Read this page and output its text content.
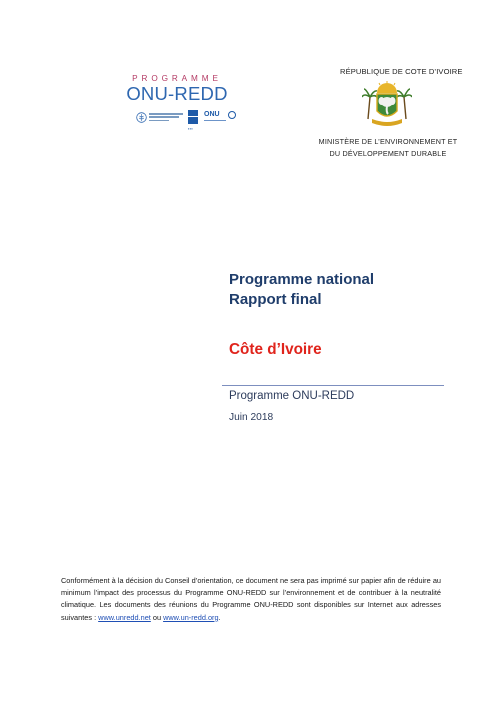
PROGRAMME
ONU-REDD
▪▪▪
ONU
RÉPUBLIQUE DE COTE D’IVOIRE
MINISTÈRE DE L’ENVIRONNEMENT ET
DU DÉVELOPPEMENT DURABLE
Programme national
Rapport final
Côte d’Ivoire
Programme ONU-REDD
Juin 2018
Conformément à la décision du Conseil d’orientation, ce document ne sera pas imprimé sur papier afin de réduire au minimum l’impact des processus du Programme ONU-REDD sur l’environnement et de contribuer à la neutralité climatique. Les documents des réunions du Programme ONU-REDD sont disponibles sur Internet aux adresses suivantes : www.unredd.net ou www.un-redd.org.
